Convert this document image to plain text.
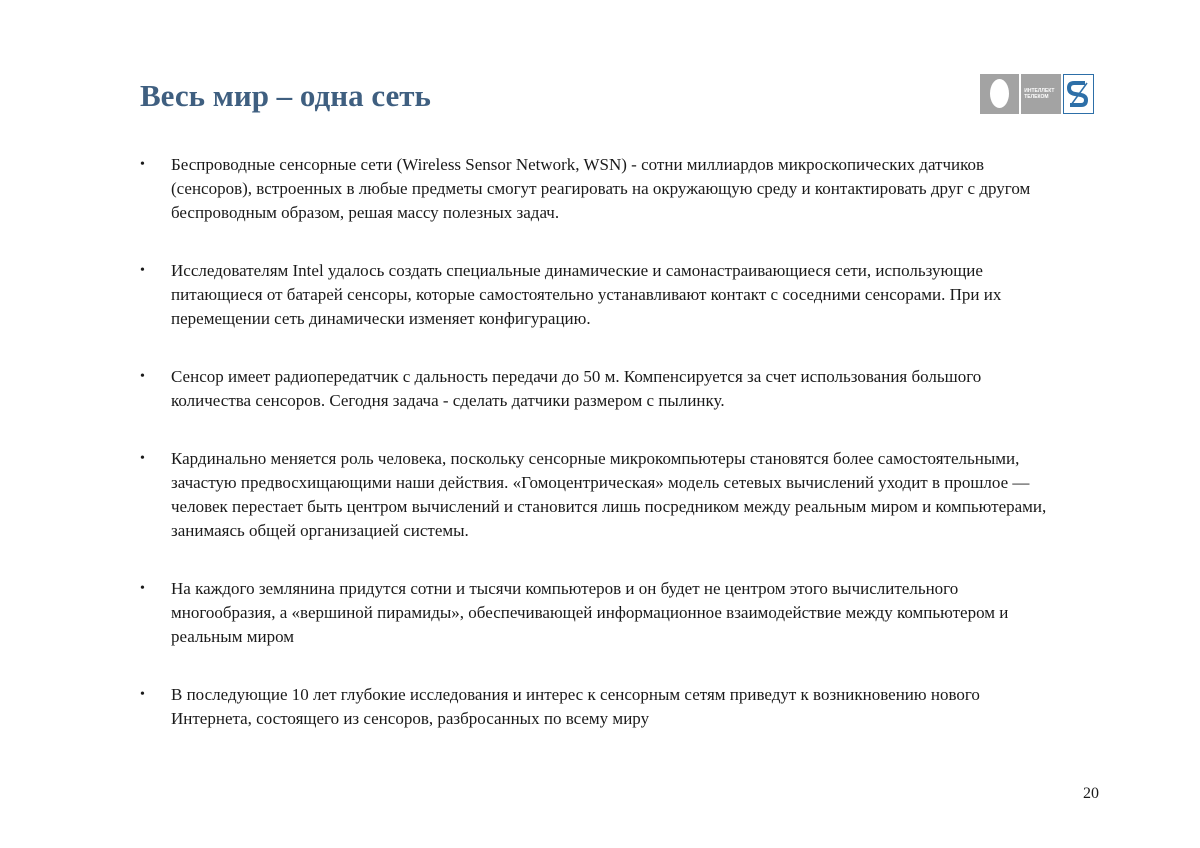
Весь мир – одна сеть	ИНТЕЛЛЕКТ
ТЕЛЕКОМ
• Беспроводные сенсорные сети (Wireless Sensor Network, WSN) - сотни миллиардов микроскопических датчиков (сенсоров), встроенных в любые предметы смогут реагировать на окружающую среду и контактировать друг с другом беспроводным образом, решая массу полезных задач.
• Исследователям Intel удалось создать специальные динамические и самонастраивающиеся сети, использующие питающиеся от батарей сенсоры, которые самостоятельно устанавливают контакт с соседними сенсорами. При их перемещении сеть динамически изменяет конфигурацию.
• Сенсор имеет радиопередатчик с дальность передачи до 50 м. Компенсируется за счет использования большого количества сенсоров. Сегодня задача - сделать датчики размером с пылинку.
• Кардинально меняется роль человека, поскольку сенсорные микрокомпьютеры становятся более самостоятельными, зачастую предвосхищающими наши действия. «Гомоцентрическая» модель сетевых вычислений уходит в прошлое — человек перестает быть центром вычислений и становится лишь посредником между реальным миром и компьютерами, занимаясь общей организацией системы.
• На каждого землянина придутся сотни и тысячи компьютеров и он будет не центром этого вычислительного многообразия, а «вершиной пирамиды», обеспечивающей информационное взаимодействие между компьютером и реальным миром
• В последующие 10 лет глубокие исследования и интерес к сенсорным сетям приведут к возникновению нового Интернета, состоящего из сенсоров, разбросанных по всему миру
20
